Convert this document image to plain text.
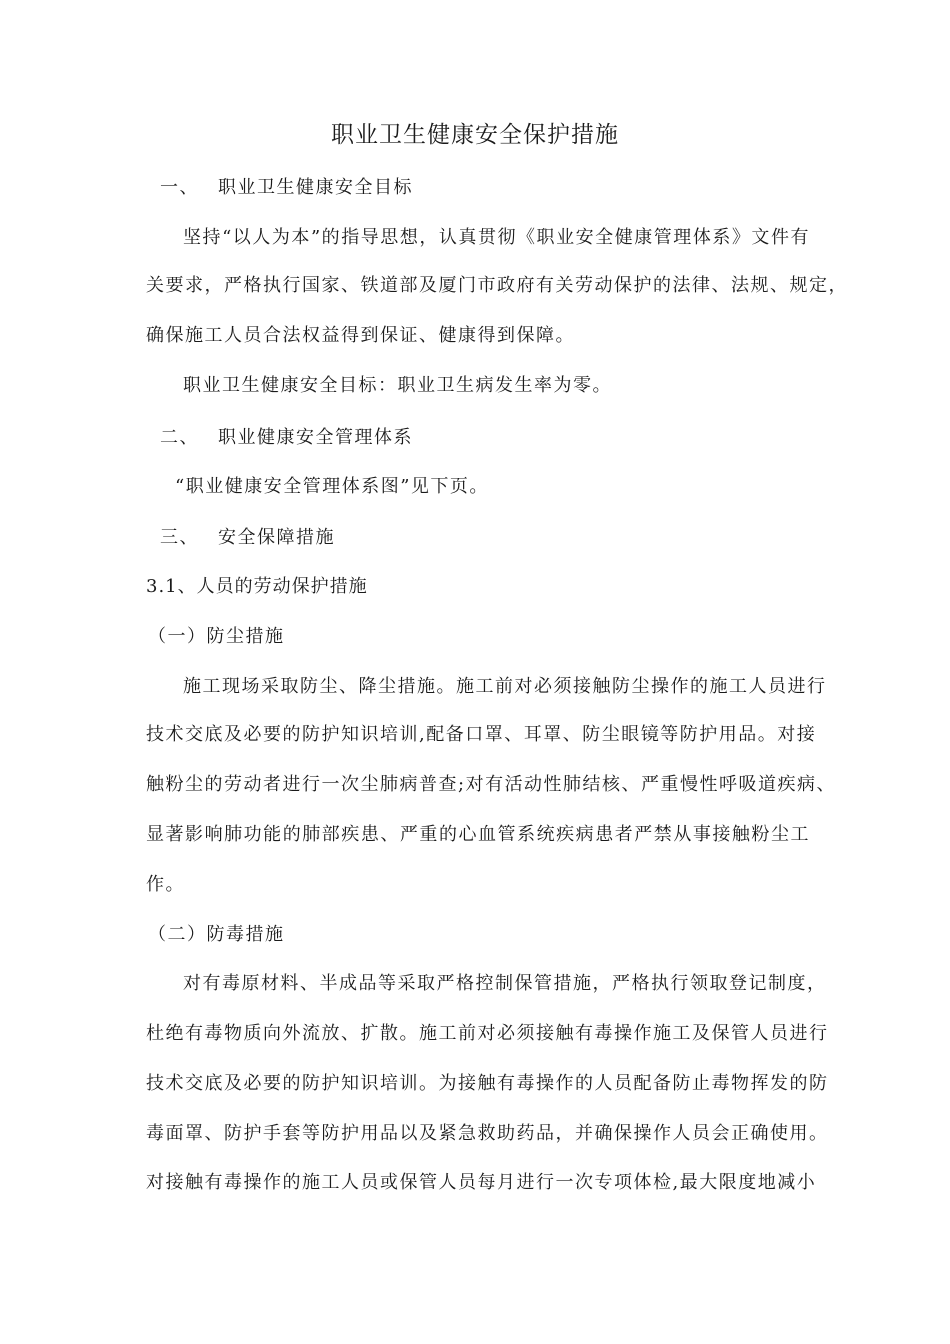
职业卫生健康安全保护措施
一、 职业卫生健康安全目标
坚持“以人为本”的指导思想，认真贯彻《职业安全健康管理体系》文件有
关要求，严格执行国家、铁道部及厦门市政府有关劳动保护的法律、法规、规定，
确保施工人员合法权益得到保证、健康得到保障。
职业卫生健康安全目标：职业卫生病发生率为零。
二、 职业健康安全管理体系
“职业健康安全管理体系图”见下页。
三、 安全保障措施
3.1、人员的劳动保护措施
（一）防尘措施
施工现场采取防尘、降尘措施。施工前对必须接触防尘操作的施工人员进行
技术交底及必要的防护知识培训,配备口罩、耳罩、防尘眼镜等防护用品。对接
触粉尘的劳动者进行一次尘肺病普查;对有活动性肺结核、严重慢性呼吸道疾病、
显著影响肺功能的肺部疾患、严重的心血管系统疾病患者严禁从事接触粉尘工
作。
（二）防毒措施
对有毒原材料、半成品等采取严格控制保管措施，严格执行领取登记制度，
杜绝有毒物质向外流放、扩散。施工前对必须接触有毒操作施工及保管人员进行
技术交底及必要的防护知识培训。为接触有毒操作的人员配备防止毒物挥发的防
毒面罩、防护手套等防护用品以及紧急救助药品，并确保操作人员会正确使用。
对接触有毒操作的施工人员或保管人员每月进行一次专项体检,最大限度地减小
